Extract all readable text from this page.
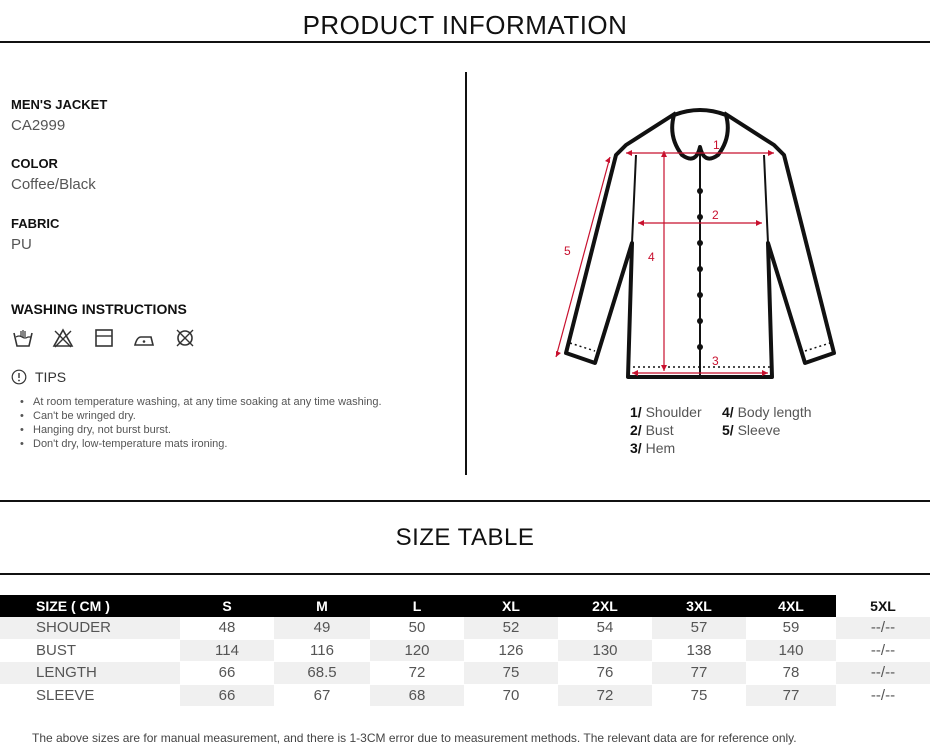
PRODUCT INFORMATION
MEN'S JACKET
CA2999
COLOR
Coffee/Black
FABRIC
PU
WASHING INSTRUCTIONS

TIPS
• At room temperature washing, at any time soaking at any time washing.
• Can't be wringed dry.
• Hanging dry, not burst burst.
• Don't dry, low-temperature mats ironing.
1
2
3
4
5
1/ Shoulder 4/ Body length
2/ Bust	5/ Sleeve
3/ Hem
SIZE TABLE
SIZE ( CM )	S	M	L	XL	2XL	3XL	4XL	5XL
SHOUDER	48	49	50	52	54	57	59	--/--
BUST	114	116	120	126	130	138	140	--/--
LENGTH	66	68.5	72	75	76	77	78	--/--
SLEEVE	66	67	68	70	72	75	77	--/--
The above sizes are for manual measurement, and there is 1-3CM error due to measurement methods. The relevant data are for reference only.
